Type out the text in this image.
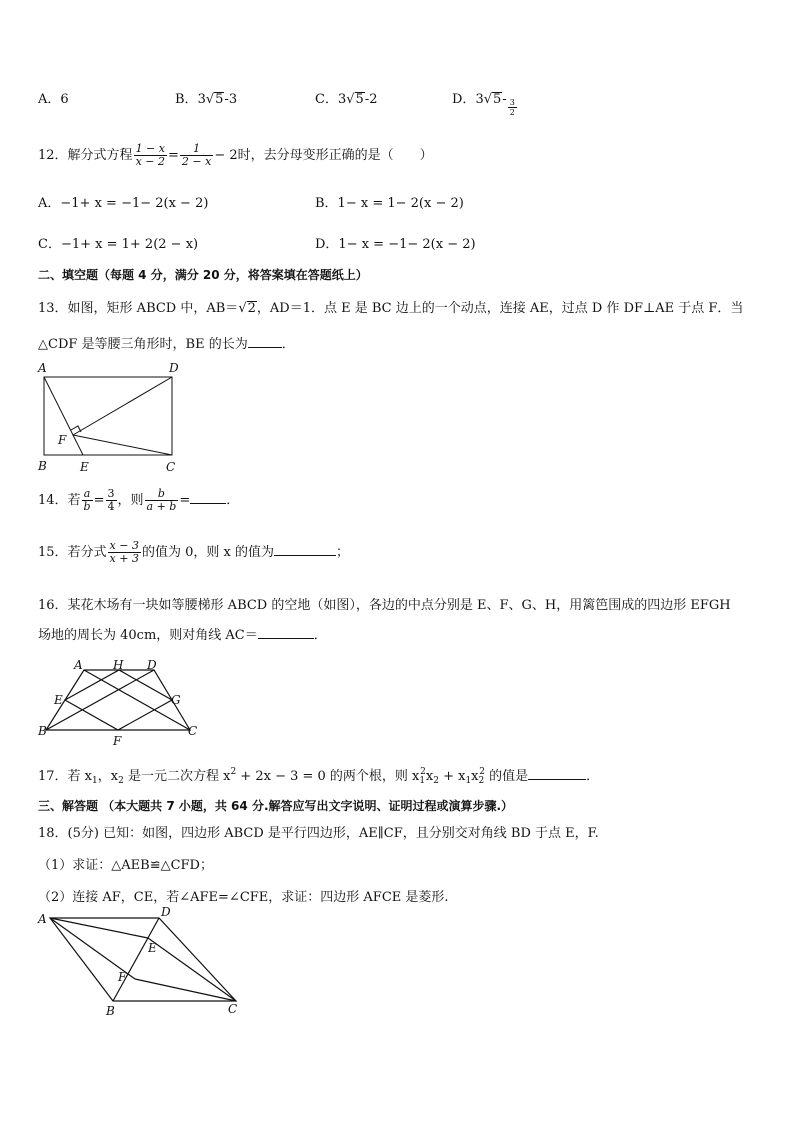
A．6	B．3√5-3	C．3√5-2	D．$3√5- \frac{3}{2}$
12．解分式方程 $\frac{1 - x}{x - 2} = \frac{1}{2 - x} - 2$时，去分母变形正确的是（　　）
A．−1+ x = −1− 2(x − 2)	B．1− x = 1− 2(x − 2)
C．−1+ x = 1+ 2(2 − x)	D．1− x = −1− 2(x − 2)
二、填空题（每题 4 分，满分 20 分，将答案填在答题纸上）
13．如图，矩形 ABCD 中，AB＝√2，AD＝1．点 E 是 BC 边上的一个动点，连接 AE，过点 D 作 DF⊥AE 于点 F．当
△CDF 是等腰三角形时，BE 的长为	．
A	D
F
B	E	C
14．若 $\frac{a}{b} = \frac{3}{4}$ ，则 $\frac{b}{a + b}$ =	．
15．若分式 $\frac{x - 3}{x + 3}$ 的值为 0，则 x 的值为	；
16．某花木场有一块如等腰梯形 ABCD 的空地（如图），各边的中点分别是 E、F、G、H，用篱笆围成的四边形 EFGH
场地的周长为 40cm，则对角线 AC＝	．
A	H D
E	G
B
F
C
17．若 $x_1$，$x_2$ 是一元二次方程 $x^2 + 2x - 3 = 0$ 的两个根，则 $x_1^2x_2 + x_1x_2^2$ 的值是	．
三、解答题 （本大题共 7 小题，共 64 分.解答应写出文字说明、证明过程或演算步骤.）
18．(5分) 已知：如图，四边形 ABCD 是平行四边形，AE∥CF，且分别交对角线 BD 于点 E，F.
（1）求证：△AEB≌△CFD；
（2）连接 AF，CE，若∠AFE=∠CFE，求证：四边形 AFCE 是菱形.
A	D
E
F
B	C
